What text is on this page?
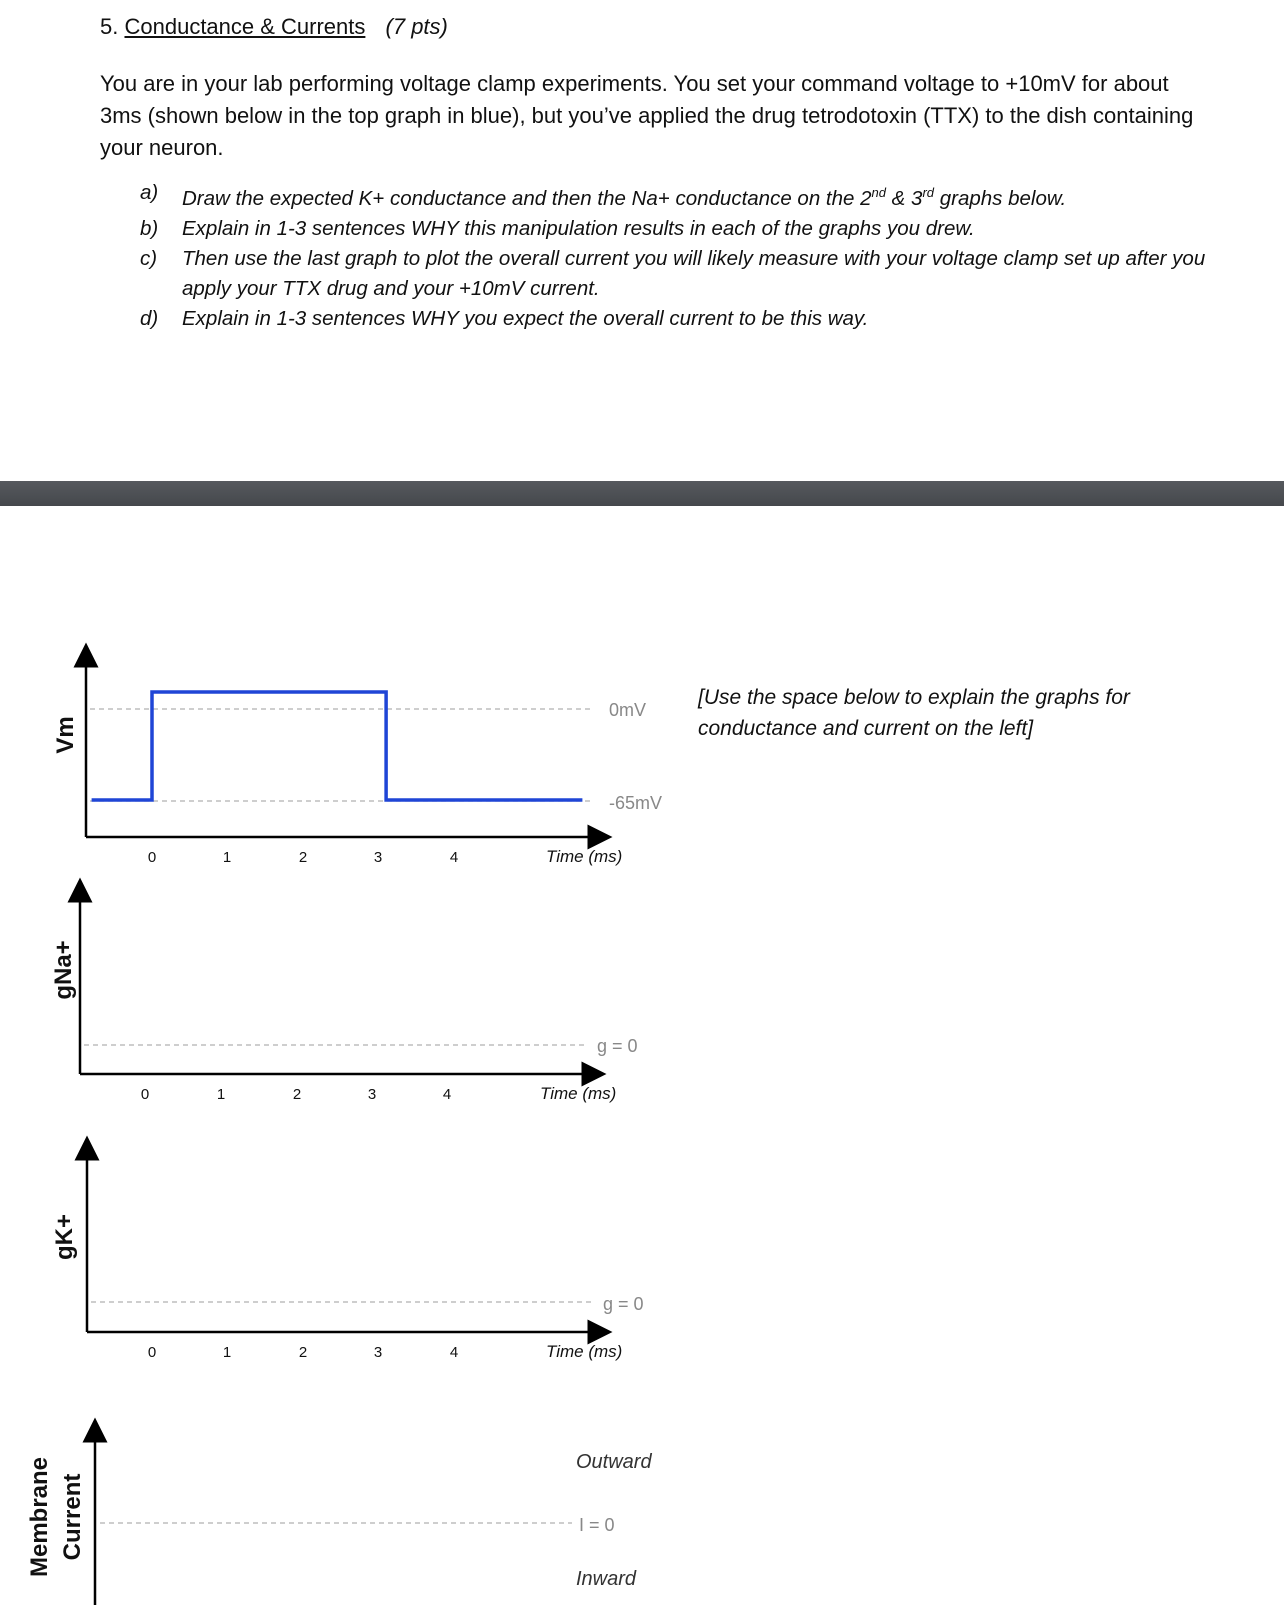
5. Conductance & Currents (7 pts)
You are in your lab performing voltage clamp experiments. You set your command voltage to +10mV for about 3ms (shown below in the top graph in blue), but you’ve applied the drug tetrodotoxin (TTX) to the dish containing your neuron.
a) Draw the expected K+ conductance and then the Na+ conductance on the 2nd & 3rd graphs below.
b) Explain in 1-3 sentences WHY this manipulation results in each of the graphs you drew.
c) Then use the last graph to plot the overall current you will likely measure with your voltage clamp set up after you apply your TTX drug and your +10mV current.
d) Explain in 1-3 sentences WHY you expect the overall current to be this way.
[Use the space below to explain the graphs for conductance and current on the left]
0mV
-65mV
0	1	2	3	4	Time (ms)
Vm
g = 0
0	1	2	3	4	Time (ms)
gNa+
g = 0
0	1	2	3	4	Time (ms)
gK+
I = 0
Outward
Inward
Membrane Current
